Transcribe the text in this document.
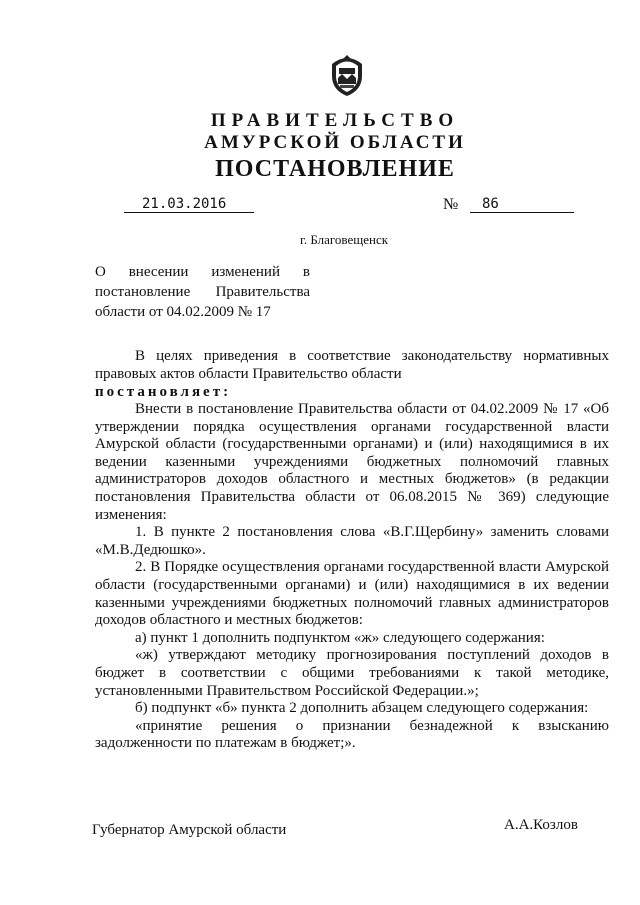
ПРАВИТЕЛЬСТВО
АМУРСКОЙ ОБЛАСТИ
ПОСТАНОВЛЕНИЕ
21.03.2016	№ 86
г. Благовещенск
О внесении изменений в
постановление Правительства
области от 04.02.2009 № 17

В целях приведения в соответствие законодательству нормативных правовых актов области Правительство области

постановляет:

Внести в постановление Правительства области от 04.02.2009 № 17 «Об утверждении порядка осуществления органами государственной власти Амурской области (государственными органами) и (или) находящимися в их ведении казенными учреждениями бюджетных полномочий главных администраторов доходов областного и местных бюджетов» (в редакции постановления Правительства области от 06.08.2015 № 369) следующие изменения:

1. В пункте 2 постановления слова «В.Г.Щербину» заменить словами «М.В.Дедюшко».

2. В Порядке осуществления органами государственной власти Амурской области (государственными органами) и (или) находящимися в их ведении казенными учреждениями бюджетных полномочий главных администраторов доходов областного и местных бюджетов:

а) пункт 1 дополнить подпунктом «ж» следующего содержания:

«ж) утверждают методику прогнозирования поступлений доходов в бюджет в соответствии с общими требованиями к такой методике, установленными Правительством Российской Федерации.»;

б) подпункт «б» пункта 2 дополнить абзацем следующего содержания:

«принятие решения о признании безнадежной к взысканию задолженности по платежам в бюджет;».

Губернатор Амурской области	А.А.Козлов
